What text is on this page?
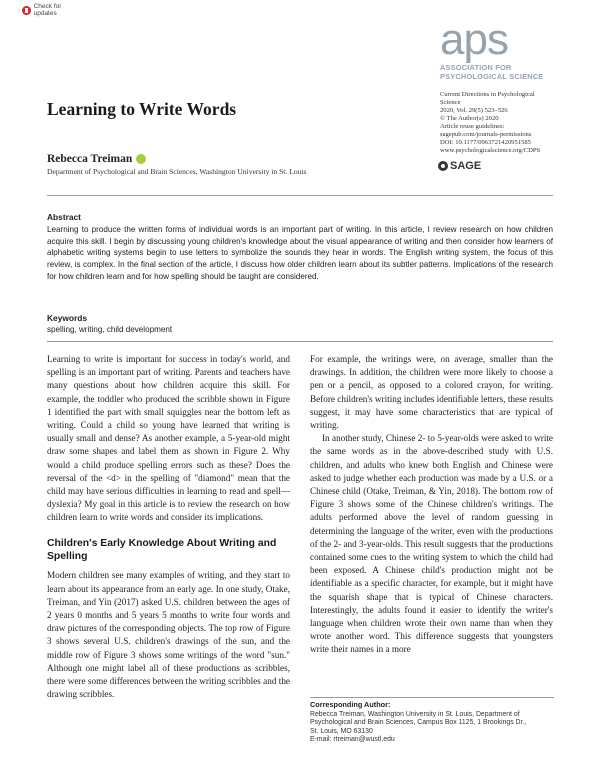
Check for updates
aps
ASSOCIATION FOR
PSYCHOLOGICAL SCIENCE
Current Directions in Psychological
Science
2020, Vol. 29(5) 523–526
© The Author(s) 2020
Article reuse guidelines:
sagepub.com/journals-permissions
DOI: 10.1177/0963721420951585
www.psychologicalscience.org/CDPS
SAGE
Learning to Write Words
Rebecca Treiman
Department of Psychological and Brain Sciences, Washington University in St. Louis
Abstract
Learning to produce the written forms of individual words is an important part of writing. In this article, I review research on how children acquire this skill. I begin by discussing young children's knowledge about the visual appearance of writing and then consider how learners of alphabetic writing systems begin to use letters to symbolize the sounds they hear in words. The English writing system, the focus of this review, is complex. In the final section of the article, I discuss how older children learn about its subtler patterns. Implications of the research for how children learn and for how spelling should be taught are considered.
Keywords
spelling, writing, child development

Learning to write is important for success in today's world, and spelling is an important part of writing. Parents and teachers have many questions about how children acquire this skill. For example, the toddler who produced the scribble shown in Figure 1 identified the part with small squiggles near the bottom left as writing. Could a child so young have learned that writing is usually small and dense? As another example, a 5-year-old might draw some shapes and label them as shown in Figure 2. Why would a child produce spelling errors such as these? Does the reversal of the <d> in the spelling of "diamond" mean that the child may have serious difficulties in learning to read and spell—dyslexia? My goal in this article is to review the research on how children learn to write words and consider its implications.

Children's Early Knowledge About Writing and Spelling

Modern children see many examples of writing, and they start to learn about its appearance from an early age. In one study, Otake, Treiman, and Yin (2017) asked U.S. children between the ages of 2 years 0 months and 5 years 5 months to write four words and draw pictures of the corresponding objects. The top row of Figure 3 shows several U.S. children's drawings of the sun, and the middle row of Figure 3 shows some writings of the word "sun." Although one might label all of these productions as scribbles, there were some differences between the writing scribbles and the drawing scribbles.

For example, the writings were, on average, smaller than the drawings. In addition, the children were more likely to choose a pen or a pencil, as opposed to a colored crayon, for writing. Before children's writing includes identifiable letters, these results suggest, it may have some characteristics that are typical of writing.

In another study, Chinese 2- to 5-year-olds were asked to write the same words as in the above-described study with U.S. children, and adults who knew both English and Chinese were asked to judge whether each production was made by a U.S. or a Chinese child (Otake, Treiman, & Yin, 2018). The bottom row of Figure 3 shows some of the Chinese children's writings. The adults performed above the level of random guessing in determining the language of the writer, even with the productions of the 2- and 3-year-olds. This result suggests that the productions contained some cues to the writing system to which the child had been exposed. A Chinese child's production might not be identifiable as a specific character, for example, but it might have the squarish shape that is typical of Chinese characters. Interestingly, the adults found it easier to identify the writer's language when children wrote their own name than when they wrote another word. This difference suggests that youngsters write their names in a more

Corresponding Author:
Rebecca Treiman, Washington University in St. Louis, Department of
Psychological and Brain Sciences, Campus Box 1125, 1 Brookings Dr.,
St. Louis, MO 63130
E-mail: rtreiman@wustl.edu
